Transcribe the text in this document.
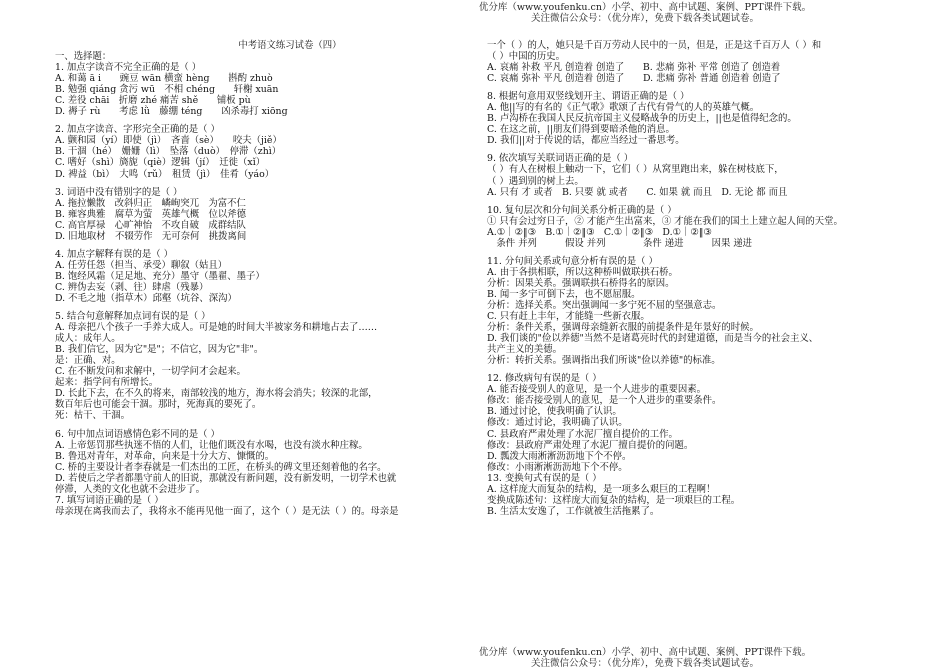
优分库（www.youfenku.cn）小学、初中、高中试题、案例、PPT课件下载。
关注微信公众号：（优分库），免费下载各类试题试卷。
中考语文练习试卷（四）
一、选择题：
1. 加点字读音不完全正确的是（ ）
A. 和蔼 ā i　　豌豆 wān 横蛮 hèng　　斟酌 zhuò
B. 勉强 qiáng 贪污 wū　不相 chéng　　轩榭 xuān
C. 差役 chāi　折磨 zhé 痛苦 shě　　铺板 pù
D. 褥子 rù　　考虑 lǜ　藤绷 téng　　凶杀毒打 xiōng
2. 加点字读音、字形完全正确的是（ ）
A. 颤和园（yí）即使（jì）　吝啬（sè）　　咬夫（jiě）
B. 干涸（hé）　姗姗（lì）　坠落（duò）　停滞（zhì）
C. 嗜好（shì）旖旎（qiè）逻辑（jí）　迁徙（xǐ）
D. 裨益（bì）　大鸣（rǔ）　租赁（jì）　佳肴（yáo）
3. 词语中没有错别字的是（ ）
A. 拖拉懒散　改斜归正　嶙峋突兀　为富不仁
B. 雍容典雅　腐草为萤　英雄气概　位以斧德
C. 高官厚禄　心旷神怡　不攻自破　成群结队
D. 旧地取材　不辍劳作　无可奈何　挑拨离间
4. 加点字解释有误的是（ ）
A. 任劳任怨（担当、承受）聊叙（姑且）
B. 饱经风霜（足足地、充分）墨守（墨翟、墨子）
C. 辨伪去妄（剥、往）肆虐（残暴）
D. 不毛之地（指草木）邱壑（坑谷、深沟）
5. 结合句意解释加点词有误的是（ ）
A. 母亲把八个孩子一手养大成人。可是她的时间大半被家务和耕地占去了……
成人：成年人。
B. 我们信它，因为它"是"；不信它，因为它"非"。
是：正确、对。
C. 在不断发问和求解中，一切学问才会起来。
起来：指学问有所增长。
D. 长此下去，在不久的将来，南部较浅的地方，海水将会消失；较深的北部，
数百年后也可能会干涸。那时，死海真的要死了。
死：枯干、干涸。
6. 句中加点词语感情色彩不同的是（ ）
A. 上帝惩罚那些执迷不悟的人们，让他们既没有水喝，也没有淡水种庄稼。
B. 鲁迅对青年，对革命，向来是十分大方、慷慨的。
C. 桥的主要设计者李春就是一们杰出的工匠，在桥头的碑文里还刻着他的名字。
D. 若使后之学者都墨守前人的旧说，那就没有新问题，没有新发明，一切学术也就
停滞，人类的文化也就不会进步了。
7. 填写词语正确的是（ ）
母亲现在离我而去了，我将永不能再见他一面了，这个（ ）是无法（ ）的。母亲是
一个（ ）的人，她只是千百万劳动人民中的一员，但是，正是这千百万人（ ）和
（ ）中国的历史。
A. 哀痛 补救 平凡 创造着 创造了　　B. 悲痛 弥补 平常 创造了 创造着
C. 哀痛 弥补 平凡 创造着 创造了　　D. 悲痛 弥补 普通 创造着 创造了
8. 根据句意用双竖线划开主、谓语正确的是（ ）
A. 他||写的有名的《正气歌》歌颂了古代有骨气的人的英雄气概。
B. 卢沟桥在我国人民反抗帝国主义侵略战争的历史上，||也是值得纪念的。
C. 在这之前，||朋友们得到要暗杀他的消息。
D. 我们||对于传说的话，都应当经过一番思考。
9. 依次填写关联词语正确的是（ ）
（ ）有人在树根上触动一下，它们（ ）从窝里跑出来，躲在树枝底下，
（ ）遇到别的树上去。
A. 只有 才 或者　B. 只要 就 或者　　C. 如果 就 而且　D. 无论 都 而且
10. 复句层次和分句间关系分析正确的是（ ）
① 只有会过穷日子，② 才能产生出富来，③ 才能在我们的国土上建立起人间的天堂。
A.①｜②‖③　B.①｜②‖③　C.①｜②‖③　D.①｜②‖③
　条件 并列　　　假设 并列　　　　条件 递进　　　因果 递进
11. 分句间关系或句意分析有误的是（ ）
A. 由于各拱相联，所以这种桥叫做联拱石桥。
分析：因果关系。强调联拱石桥得名的原因。
B. 闻一多宁可倒下去，也不愿屈服。
分析：选择关系。突出强调闻一多宁死不屈的坚强意志。
C. 只有赶上丰年，才能缝一些新衣服。
分析：条件关系，强调母亲缝新衣服的前提条件是年景好的时候。
D. 我们谈的"俭以养德"当然不是诸葛亮时代的封建道德，而是当今的社会主义、
共产主义的美德。
分析：转折关系。强调指出我们所谈"俭以养德"的标准。
12. 修改病句有误的是（ ）
A. 能否接受别人的意见，是一个人进步的重要因素。
修改：能否接受别人的意见，是一个人进步的重要条件。
B. 通过讨论，使我明确了认识。
修改：通过讨论，我明确了认识。
C. 县政府严肃处理了水泥厂擅自提价的工作。
修改：县政府严肃处理了水泥厂擅自提价的问题。
D. 瓢泼大雨淅淅沥沥地下个不停。
修改：小雨淅淅沥沥地下个不停。
13. 变换句式有误的是（ ）
A. 这样庞大而复杂的结构，是一项多么艰巨的工程啊！
变换成陈述句：这样庞大而复杂的结构，是一项艰巨的工程。
B. 生活太安逸了，工作就被生活拖累了。
优分库（www.youfenku.cn）小学、初中、高中试题、案例、PPT课件下载。
关注微信公众号：（优分库），免费下载各类试题试卷。
